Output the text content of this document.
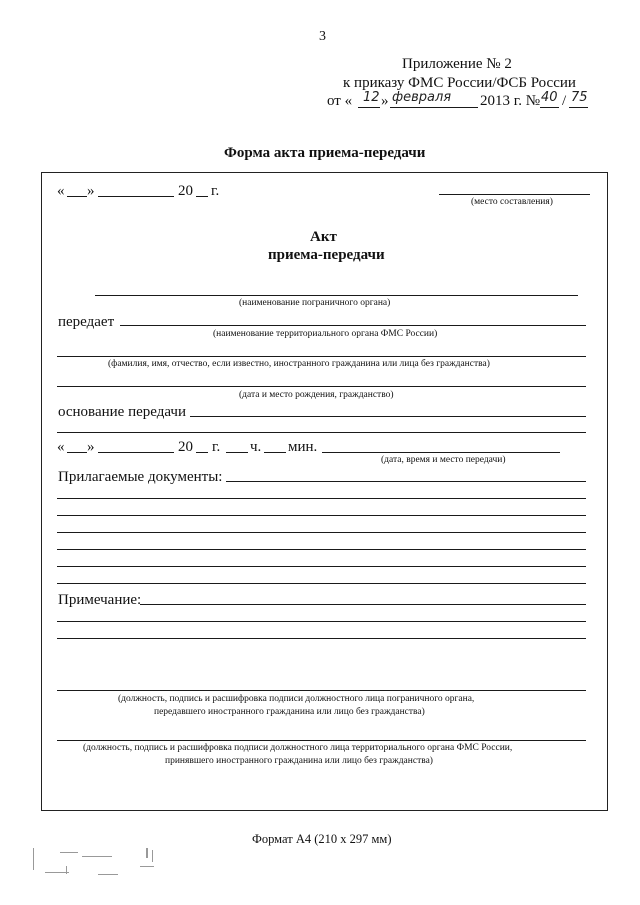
3
Приложение № 2
к приказу ФМС России/ФСБ России
от « 12 » февраля 2013 г. № 40 / 75
Форма акта приема-передачи
« »	20 г.
(место составления)
Акт
приема-передачи
(наименование пограничного органа)
передает
(наименование территориального органа ФМС России)
(фамилия, имя, отчество, если известно, иностранного гражданина или лица без гражданства)
(дата и место рождения, гражданство)
основание передачи
« »	20 г. ч. мин.
(дата, время и место передачи)
Прилагаемые документы:
Примечание:
(должность, подпись и расшифровка подписи должностного лица пограничного органа,
передавшего иностранного гражданина или лицо без гражданства)
(должность, подпись и расшифровка подписи должностного лица территориального органа ФМС России,
принявшего иностранного гражданина или лицо без гражданства)
Формат А4 (210 х 297 мм)
